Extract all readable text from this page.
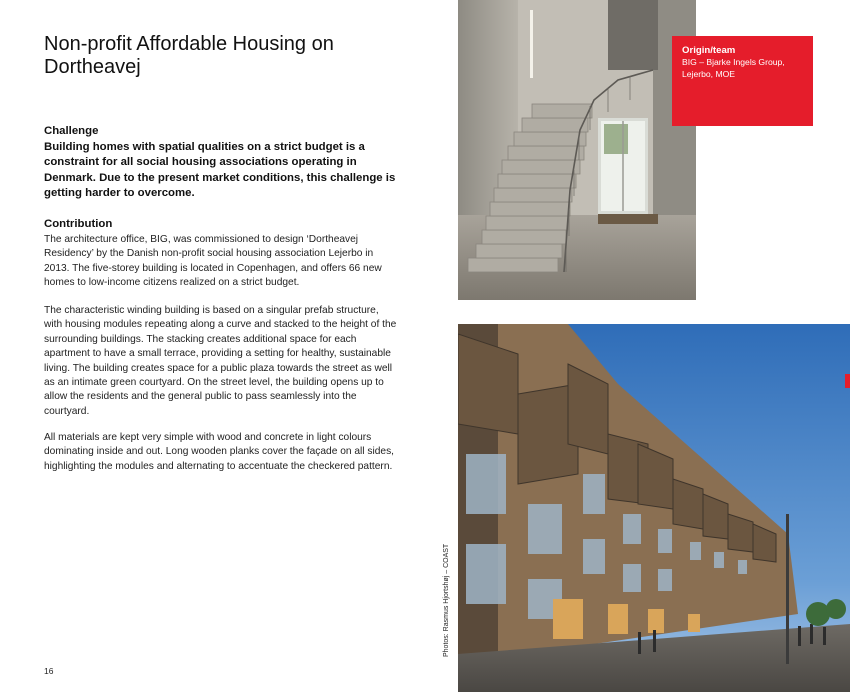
Non-profit Affordable Housing on Dortheavej
Challenge
Building homes with spatial qualities on a strict budget is a constraint for all social housing associations operating in Denmark. Due to the present market conditions, this challenge is getting harder to overcome.
Contribution
The architecture office, BIG, was commissioned to design ‘Dortheavej Residency’ by the Danish non-profit social housing association Lejerbo in 2013. The five-storey building is located in Copenhagen, and offers 66 new homes to low-income citizens realized on a strict budget.
The characteristic winding building is based on a singular prefab structure, with housing modules repeating along a curve and stacked to the height of the surrounding buildings. The stacking creates additional space for each apartment to have a small terrace, providing a setting for healthy, sustainable living. The building creates space for a public plaza towards the street as well as an intimate green courtyard. On the street level, the building opens up to allow the residents and the general public to pass seamlessly into the courtyard.
All materials are kept very simple with wood and concrete in light colours dominating inside and out. Long wooden planks cover the façade on all sides, highlighting the modules and alternating to accentuate the checkered pattern.
16
Photos: Rasmus Hjortshøj – COAST
Origin/team
BIG – Bjarke Ingels Group, Lejerbo, MOE
